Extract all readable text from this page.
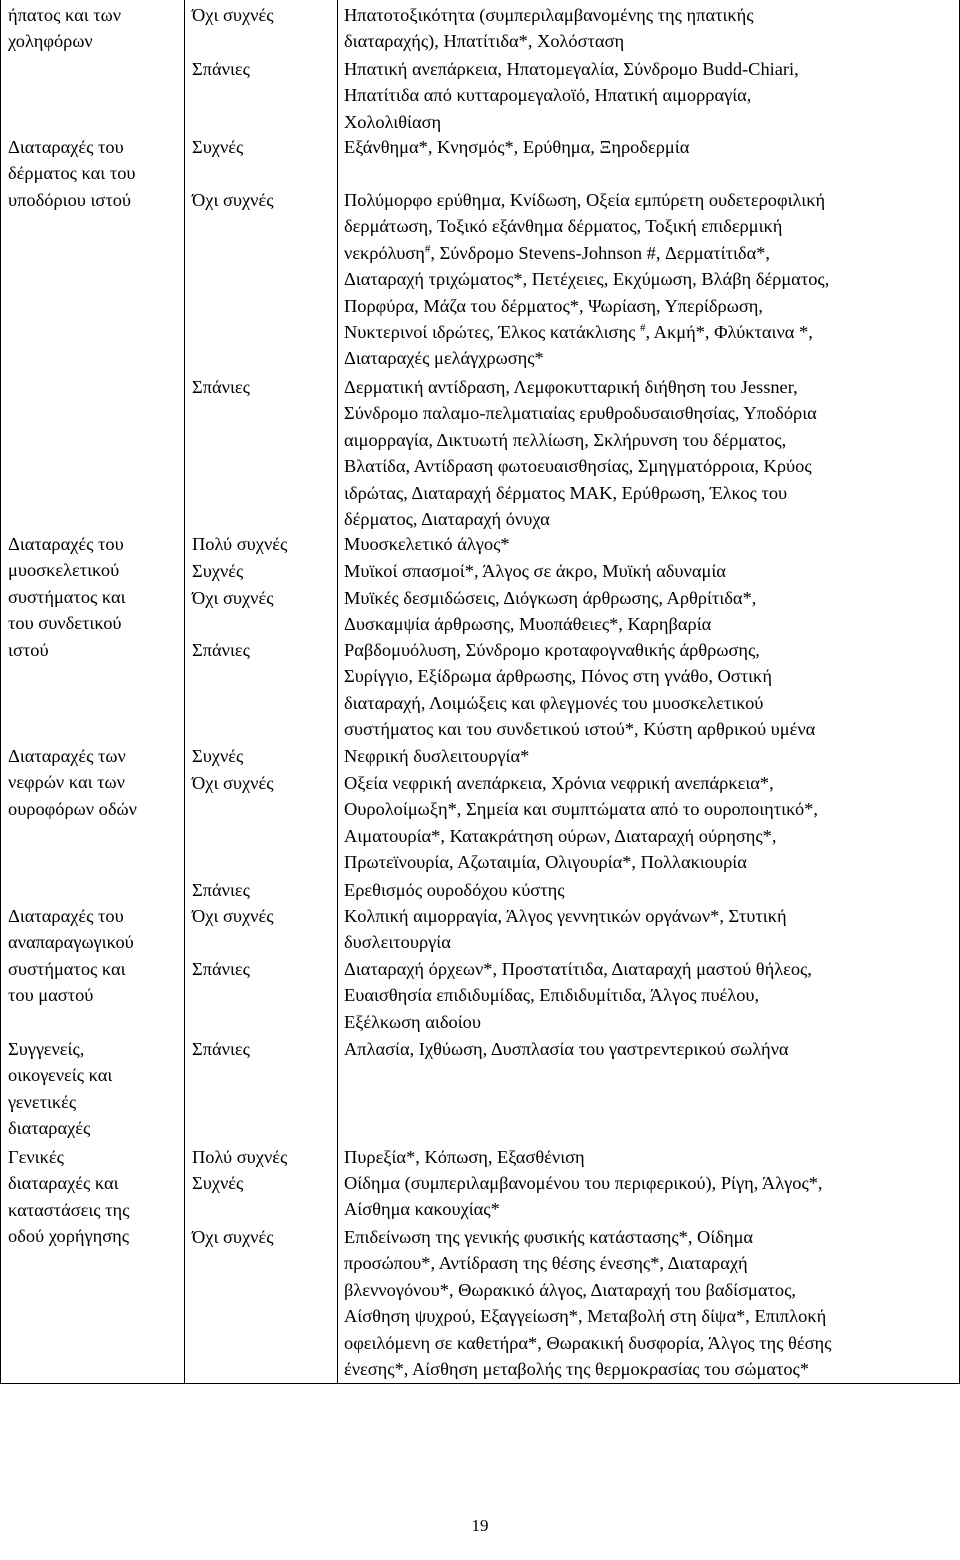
ήπατος και των
χοληφόρων
Όχι συχνές	Ηπατοτοξικότητα (συμπεριλαμβανομένης της ηπατικής
διαταραχής), Ηπατίτιδα*, Χολόσταση
Σπάνιες	Ηπατική ανεπάρκεια, Ηπατομεγαλία, Σύνδρομο Budd-Chiari,
Ηπατίτιδα από κυτταρομεγαλοϊό, Ηπατική αιμορραγία,
Χολολιθίαση
Διαταραχές του
δέρματος και του
υποδόριου ιστού
Συχνές	Εξάνθημα*, Κνησμός*, Ερύθημα, Ξηροδερμία
Όχι συχνές	Πολύμορφο ερύθημα, Κνίδωση, Οξεία εμπύρετη ουδετεροφιλική
δερμάτωση, Τοξικό εξάνθημα δέρματος, Τοξική επιδερμική
νεκρόλυση#, Σύνδρομο Stevens-Johnson #, Δερματίτιδα*,
Διαταραχή τριχώματος*, Πετέχειες, Εκχύμωση, Βλάβη δέρματος,
Πορφύρα, Μάζα του δέρματος*, Ψωρίαση, Υπερίδρωση,
Νυκτερινοί ιδρώτες, Έλκος κατάκλισης #, Ακμή*, Φλύκταινα *,
Διαταραχές μελάγχρωσης*
Σπάνιες	Δερματική αντίδραση, Λεμφοκυτταρική διήθηση του Jessner,
Σύνδρομο παλαμο-πελματιαίας ερυθροδυσαισθησίας, Υποδόρια
αιμορραγία, Δικτυωτή πελλίωση, Σκλήρυνση του δέρματος,
Βλατίδα, Αντίδραση φωτοευαισθησίας, Σμηγματόρροια, Κρύος
ιδρώτας, Διαταραχή δέρματος ΜΑΚ, Ερύθρωση, Έλκος του
δέρματος, Διαταραχή όνυχα
Διαταραχές του
μυοσκελετικού
συστήματος και
του συνδετικού
ιστού
Πολύ συχνές	Μυοσκελετικό άλγος*
Συχνές	Μυϊκοί σπασμοί*, Άλγος σε άκρο, Μυϊκή αδυναμία
Όχι συχνές	Μυϊκές δεσμιδώσεις, Διόγκωση άρθρωσης, Αρθρίτιδα*,
Δυσκαμψία άρθρωσης, Μυοπάθειες*, Καρηβαρία
Σπάνιες	Ραβδομυόλυση, Σύνδρομο κροταφογναθικής άρθρωσης,
Συρίγγιο, Εξίδρωμα άρθρωσης, Πόνος στη γνάθο, Οστική
διαταραχή, Λοιμώξεις και φλεγμονές του μυοσκελετικού
συστήματος και του συνδετικού ιστού*, Κύστη αρθρικού υμένα
Διαταραχές των
νεφρών και των
ουροφόρων οδών
Συχνές	Νεφρική δυσλειτουργία*
Όχι συχνές	Οξεία νεφρική ανεπάρκεια, Χρόνια νεφρική ανεπάρκεια*,
Ουρολοίμωξη*, Σημεία και συμπτώματα από το ουροποιητικό*,
Αιματουρία*, Κατακράτηση ούρων, Διαταραχή ούρησης*,
Πρωτεϊνουρία, Αζωταιμία, Ολιγουρία*, Πολλακιουρία
Σπάνιες	Ερεθισμός ουροδόχου κύστης
Διαταραχές του
αναπαραγωγικού
συστήματος και
του μαστού
Όχι συχνές	Κολπική αιμορραγία, Άλγος γεννητικών οργάνων*, Στυτική
δυσλειτουργία
Σπάνιες	Διαταραχή όρχεων*, Προστατίτιδα, Διαταραχή μαστού θήλεος,
Ευαισθησία επιδιδυμίδας, Επιδιδυμίτιδα, Άλγος πυέλου,
Εξέλκωση αιδοίου
Συγγενείς,
οικογενείς και
γενετικές
διαταραχές
Σπάνιες	Απλασία, Ιχθύωση, Δυσπλασία του γαστρεντερικού σωλήνα
Γενικές
διαταραχές και
καταστάσεις της
οδού χορήγησης
Πολύ συχνές	Πυρεξία*, Κόπωση, Εξασθένιση
Συχνές	Οίδημα (συμπεριλαμβανομένου του περιφερικού), Ρίγη, Άλγος*,
Αίσθημα κακουχίας*
Όχι συχνές	Επιδείνωση της γενικής φυσικής κατάστασης*, Οίδημα
προσώπου*, Αντίδραση της θέσης ένεσης*, Διαταραχή
βλεννογόνου*, Θωρακικό άλγος, Διαταραχή του βαδίσματος,
Αίσθηση ψυχρού, Εξαγγείωση*, Μεταβολή στη δίψα*, Επιπλοκή
οφειλόμενη σε καθετήρα*, Θωρακική δυσφορία, Άλγος της θέσης
ένεσης*, Αίσθηση μεταβολής της θερμοκρασίας του σώματος*
19
